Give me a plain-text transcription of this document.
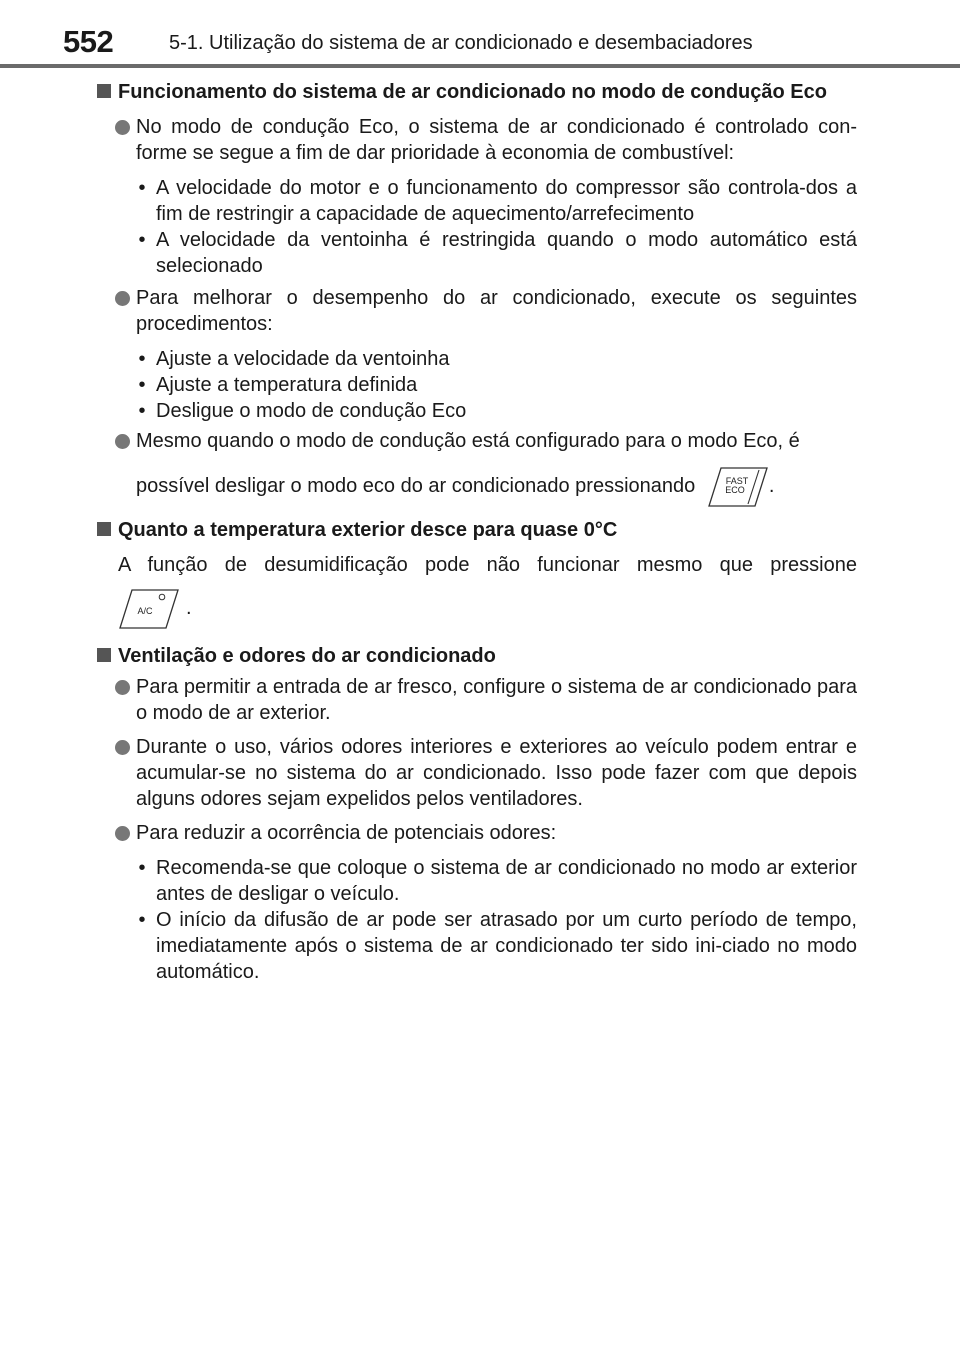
552	5-1. Utilização do sistema de ar condicionado e desembaciadores
Funcionamento do sistema de ar condicionado no modo de condução Eco
No modo de condução Eco, o sistema de ar condicionado é controlado con-forme se segue a fim de dar prioridade à economia de combustível:
• A velocidade do motor e o funcionamento do compressor são controla-dos a fim de restringir a capacidade de aquecimento/arrefecimento
• A velocidade da ventoinha é restringida quando o modo automático está selecionado
Para melhorar o desempenho do ar condicionado, execute os seguintes procedimentos:
• Ajuste a velocidade da ventoinha
• Ajuste a temperatura definida
• Desligue o modo de condução Eco
Mesmo quando o modo de condução está configurado para o modo Eco, é
possível desligar o modo eco do ar condicionado pressionando	FAST
ECO .
Quanto a temperatura exterior desce para quase 0°C
A função de desumidificação pode não funcionar mesmo que pressione
A/C .
Ventilação e odores do ar condicionado
Para permitir a entrada de ar fresco, configure o sistema de ar condicionado para o modo de ar exterior.
Durante o uso, vários odores interiores e exteriores ao veículo podem entrar e acumular-se no sistema do ar condicionado. Isso pode fazer com que depois alguns odores sejam expelidos pelos ventiladores.
Para reduzir a ocorrência de potenciais odores:
• Recomenda-se que coloque o sistema de ar condicionado no modo ar exterior antes de desligar o veículo.
• O início da difusão de ar pode ser atrasado por um curto período de tempo, imediatamente após o sistema de ar condicionado ter sido ini-ciado no modo automático.
